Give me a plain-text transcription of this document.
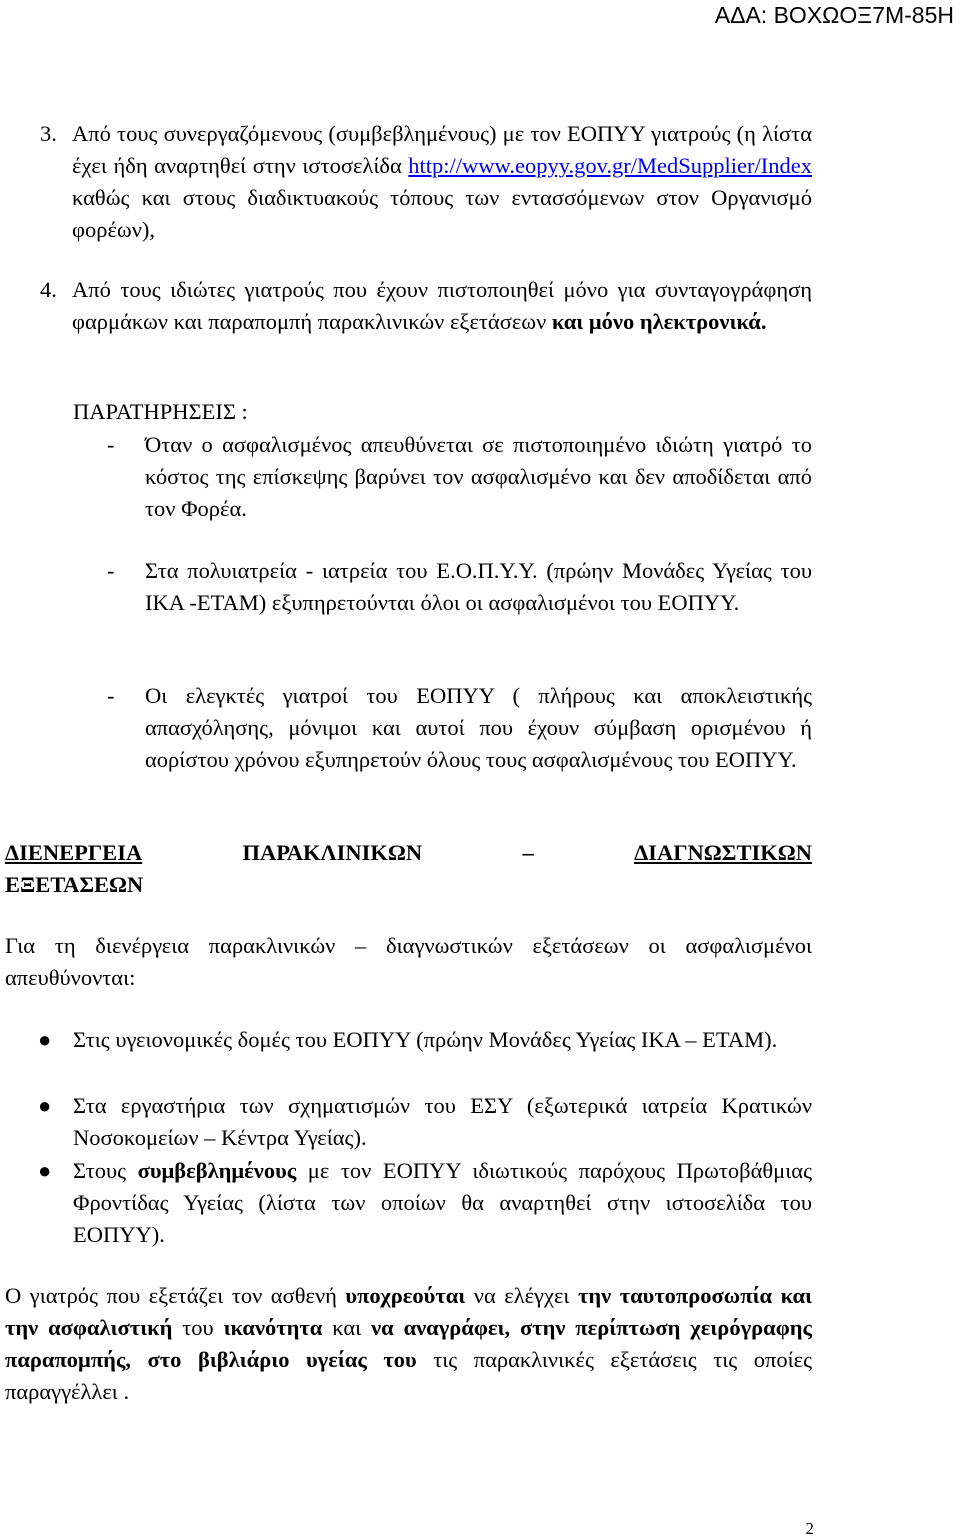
ΑΔΑ: ΒΟΧΩΟΞ7Μ-85Η
3. Από τους συνεργαζόμενους (συμβεβλημένους) με τον ΕΟΠΥΥ γιατρούς (η λίστα έχει ήδη αναρτηθεί στην ιστοσελίδα http://www.eopyy.gov.gr/MedSupplier/Index καθώς και στους διαδικτυακούς τόπους των εντασσόμενων στον Οργανισμό φορέων),
4. Από τους ιδιώτες γιατρούς που έχουν πιστοποιηθεί μόνο για συνταγογράφηση φαρμάκων και παραπομπή παρακλινικών εξετάσεων και μόνο ηλεκτρονικά.
ΠΑΡΑΤΗΡΗΣΕΙΣ :
- Όταν ο ασφαλισμένος απευθύνεται σε πιστοποιημένο ιδιώτη γιατρό το κόστος της επίσκεψης βαρύνει τον ασφαλισμένο και δεν αποδίδεται από τον Φορέα.
- Στα πολυιατρεία - ιατρεία του Ε.Ο.Π.Υ.Υ. (πρώην Μονάδες Υγείας του ΙΚΑ -ΕΤΑΜ) εξυπηρετούνται όλοι οι ασφαλισμένοι του ΕΟΠΥΥ.
- Οι ελεγκτές γιατροί του ΕΟΠΥΥ ( πλήρους και αποκλειστικής απασχόλησης, μόνιμοι και αυτοί που έχουν σύμβαση ορισμένου ή αορίστου χρόνου εξυπηρετούν όλους τους ασφαλισμένους του ΕΟΠΥΥ.
ΔΙΕΝΕΡΓΕΙΑ	ΠΑΡΑΚΛΙΝΙΚΩΝ	–	ΔΙΑΓΝΩΣΤΙΚΩΝ
ΕΞΕΤΑΣΕΩΝ
Για τη διενέργεια παρακλινικών – διαγνωστικών εξετάσεων οι ασφαλισμένοι απευθύνονται:
● Στις υγειονομικές δομές του ΕΟΠΥΥ (πρώην Μονάδες Υγείας ΙΚΑ – ΕΤΑΜ).
● Στα εργαστήρια των σχηματισμών του ΕΣΥ (εξωτερικά ιατρεία Κρατικών Νοσοκομείων – Κέντρα Υγείας).
● Στους συμβεβλημένους με τον ΕΟΠΥΥ ιδιωτικούς παρόχους Πρωτοβάθμιας Φροντίδας Υγείας (λίστα των οποίων θα αναρτηθεί στην ιστοσελίδα του ΕΟΠΥΥ).
Ο γιατρός που εξετάζει τον ασθενή υποχρεούται να ελέγχει την ταυτοπροσωπία και την ασφαλιστική του ικανότητα και να αναγράφει, στην περίπτωση χειρόγραφης παραπομπής, στο βιβλιάριο υγείας του τις παρακλινικές εξετάσεις τις οποίες παραγγέλλει .
2
